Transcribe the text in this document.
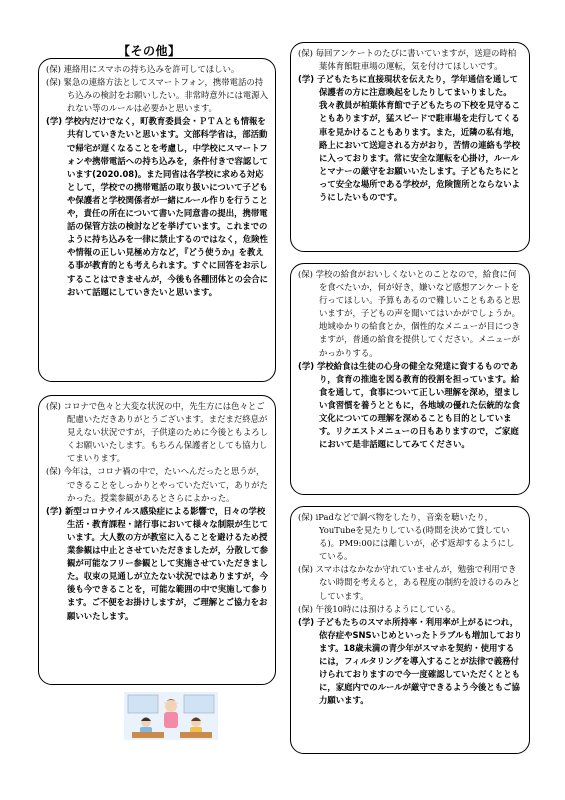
【その他】

(保) 連絡用にスマホの持ち込みを許可してほしい。

(保) 緊急の連絡方法としてスマートフォン，携帯電話の持ち込みの検討をお願いしたい。非常時意外には電源入れない等のルールは必要かと思います。

(学) 学校内だけでなく，町教育委員会・ＰＴＡとも情報を共有していきたいと思います。文部科学省は，部活動で帰宅が遅くなることを考慮し，中学校にスマートフォンや携帯電話への持ち込みを，条件付きで容認しています(2020.08)。また同省は各学校に求める対応として，学校での携帯電話の取り扱いについて子どもや保護者と学校関係者が一緒にルール作りを行うことや，責任の所在について書いた同意書の提出，携帯電話の保管方法の検討などを挙げています。これまでのように持ち込みを一律に禁止するのではなく，危険性や情報の正しい見極め方など，『どう使うか』を教える事が教育的とも考えられます。すぐに回答をお示しすることはできませんが，今後も各種団体との会合において話題にしていきたいと思います。

(保) コロナで色々と大変な状況の中，先生方には色々とご配慮いただきありがとうございます。まだまだ終息が見えない状況ですが，子供達のために今後ともよろしくお願いいたします。もちろん保護者としても協力してまいります。

(保) 今年は，コロナ禍の中で，たいへんだったと思うが，できることをしっかりとやっていただいて，ありがたかった。授業参観があるとさらによかった。

(学) 新型コロナウイルス感染症による影響で，日々の学校生活・教育課程・諸行事において様々な制限が生じています。大人数の方が教室に入ることを避けるため授業参観は中止とさせていただきましたが，分散して参観が可能なフリー参観として実施させていただきました。収束の見通しが立たない状況ではありますが，今後も今できることを，可能な範囲の中で実施して参ります。ご不便をお掛けしますが，ご理解とご協力をお願いいたします。

(保) 毎回アンケートのたびに書いていますが，送迎の時柏葉体育館駐車場の運転，気を付けてほしいです。

(学) 子どもたちに直接現状を伝えたり，学年通信を通して保護者の方に注意喚起をしたりしてまいりました。我々教員が柏葉体育館で子どもたちの下校を見守ることもありますが，猛スピードで駐車場を走行してくる車を見かけることもあります。また，近隣の私有地，路上において送迎される方がおり，苦情の連絡も学校に入っております。常に安全な運転を心掛け，ルールとマナーの厳守をお願いいたします。子どもたちにとって安全な場所である学校が，危険箇所とならないようにしたいものです。

(保) 学校の給食がおいしくないとのことなので，給食に何を食べたいか，何が好き，嫌いなど感想アンケートを行ってほしい。予算もあるので難しいこともあると思いますが，子どもの声を聞いてはいかがでしょうか。地域ゆかりの給食とか，個性的なメニューが目につきますが，普通の給食を提供してください。メニューがかっかりする。

(学) 学校給食は生徒の心身の健全な発達に資するものであり，食育の推進を図る教育的役割を担っています。給食を通して，食事について正しい理解を深め，望ましい食習慣を養うとともに，各地域の優れた伝統的な食文化についての理解を深めることも目的としています。リクエストメニューの日もありますので，ご家庭において是非話題にしてみてください。

(保) iPadなどで調べ物をしたり，音楽を聴いたり，YouTubeを見たりしている(時間を決めて貸している)。PM9:00には離しいが，必ず返却するようにしている。

(保) スマホはなかなか守れていませんが，勉強で利用できない時間を考えると，ある程度の制約を設けるのみとしています。

(保) 午後10時には預けるようにしている。

(学) 子どもたちのスマホ所持率・利用率が上がるにつれ，依存症やSNSいじめといったトラブルも増加しております。18歳未満の青少年がスマホを契約・使用するには，フィルタリングを導入することが法律で義務付けられておりますので今一度確認していただくとともに，家庭内でのルールが厳守できるよう今後ともご協力願います。
